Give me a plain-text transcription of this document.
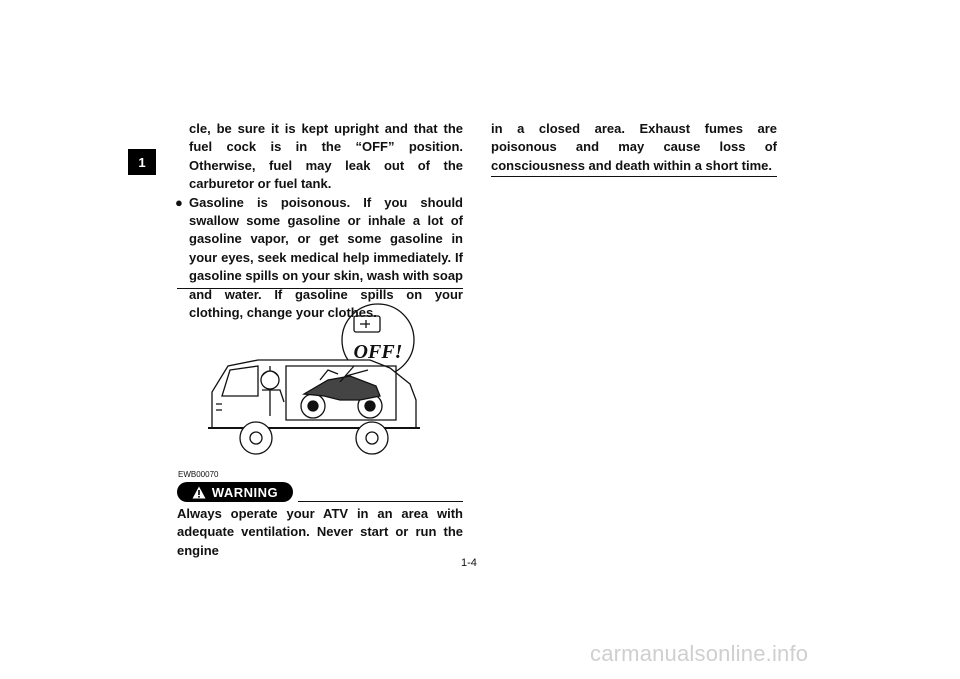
1

cle, be sure it is kept upright and that the fuel cock is in the “OFF” position. Otherwise, fuel may leak out of the carburetor or fuel tank.

● Gasoline is poisonous. If you should swallow some gasoline or inhale a lot of gasoline vapor, or get some gasoline in your eyes, seek medical help immediately. If gasoline spills on your skin, wash with soap and water. If gasoline spills on your clothing, change your clothes.

OFF!
EWB00070
WARNING

Always operate your ATV in an area with adequate ventilation. Never start or run the engine

in a closed area. Exhaust fumes are poisonous and may cause loss of consciousness and death within a short time.

1-4
carmanualsonline.info
